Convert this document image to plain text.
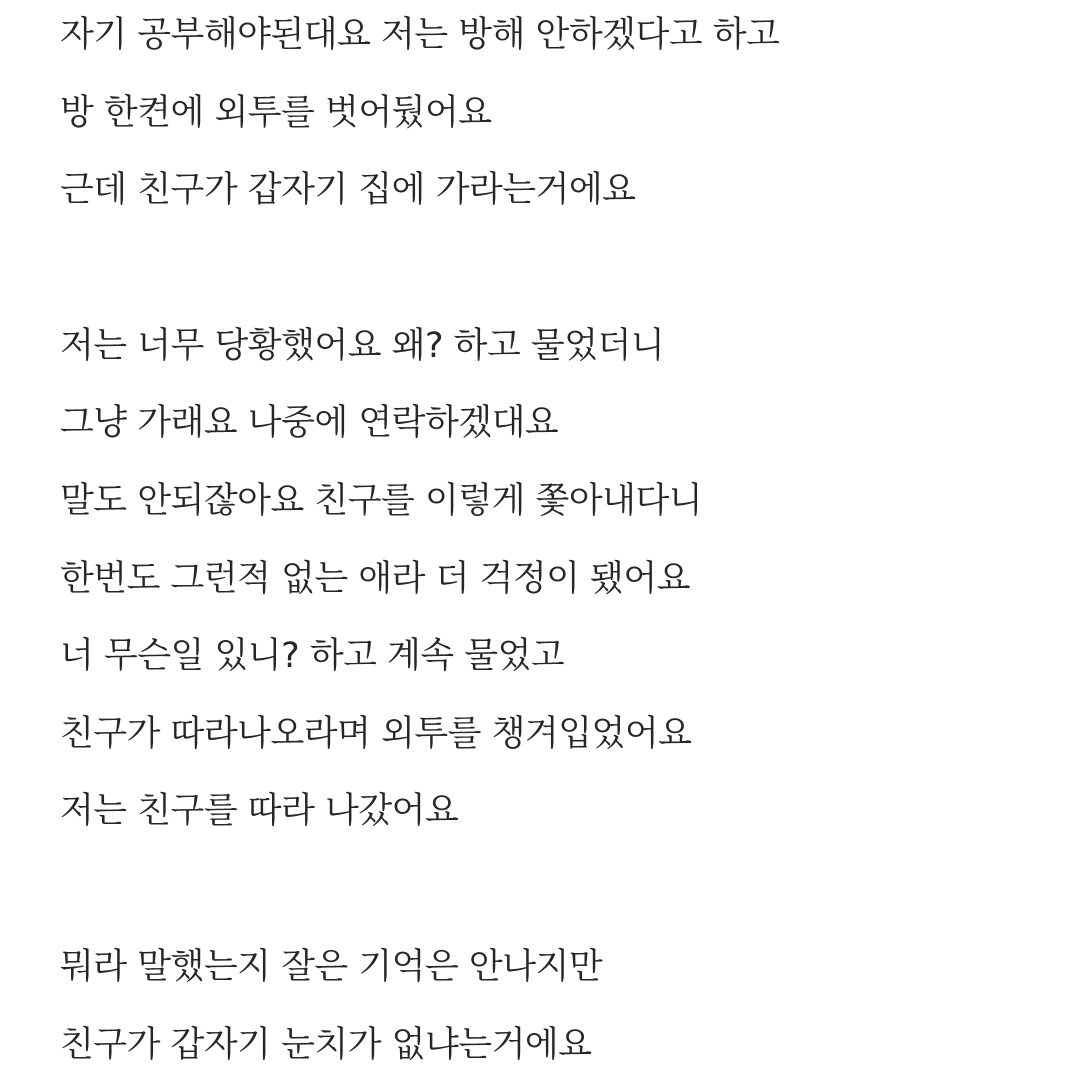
자기 공부해야된대요 저는 방해 안하겠다고 하고
방 한켠에 외투를 벗어뒀어요
근데 친구가 갑자기 집에 가라는거에요
저는 너무 당황했어요 왜? 하고 물었더니
그냥 가래요 나중에 연락하겠대요
말도 안되잖아요 친구를 이렇게 쫓아내다니
한번도 그런적 없는 애라 더 걱정이 됐어요
너 무슨일 있니? 하고 계속 물었고
친구가 따라나오라며 외투를 챙겨입었어요
저는 친구를 따라 나갔어요
뭐라 말했는지 잘은 기억은 안나지만
친구가 갑자기 눈치가 없냐는거에요
